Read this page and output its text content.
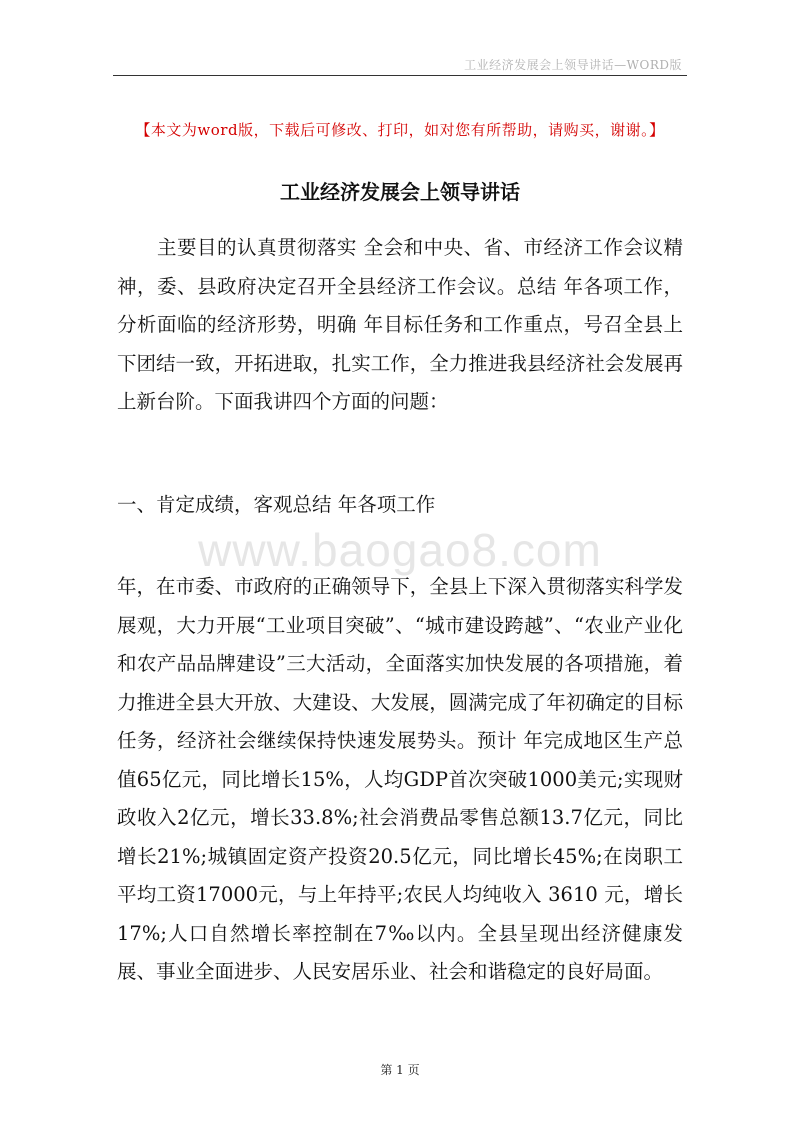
工业经济发展会上领导讲话—WORD版
【本文为word版，下载后可修改、打印，如对您有所帮助，请购买，谢谢。】
工业经济发展会上领导讲话

主要目的认真贯彻落实 全会和中央、省、市经济工作会议精神，委、县政府决定召开全县经济工作会议。总结 年各项工作，分析面临的经济形势，明确 年目标任务和工作重点，号召全县上下团结一致，开拓进取，扎实工作，全力推进我县经济社会发展再上新台阶。下面我讲四个方面的问题：

一、肯定成绩，客观总结 年各项工作

www.baogao8.com

年，在市委、市政府的正确领导下，全县上下深入贯彻落实科学发展观，大力开展“工业项目突破”、“城市建设跨越”、“农业产业化和农产品品牌建设”三大活动，全面落实加快发展的各项措施，着力推进全县大开放、大建设、大发展，圆满完成了年初确定的目标任务，经济社会继续保持快速发展势头。预计 年完成地区生产总值65亿元，同比增长15%，人均GDP首次突破1000美元;实现财政收入2亿元，增长33.8%;社会消费品零售总额13.7亿元，同比增长21%;城镇固定资产投资20.5亿元，同比增长45%;在岗职工平均工资17000元，与上年持平;农民人均纯收入 3610 元，增长 17%;人口自然增长率控制在7‰以内。全县呈现出经济健康发展、事业全面进步、人民安居乐业、社会和谐稳定的良好局面。

第 1 页
